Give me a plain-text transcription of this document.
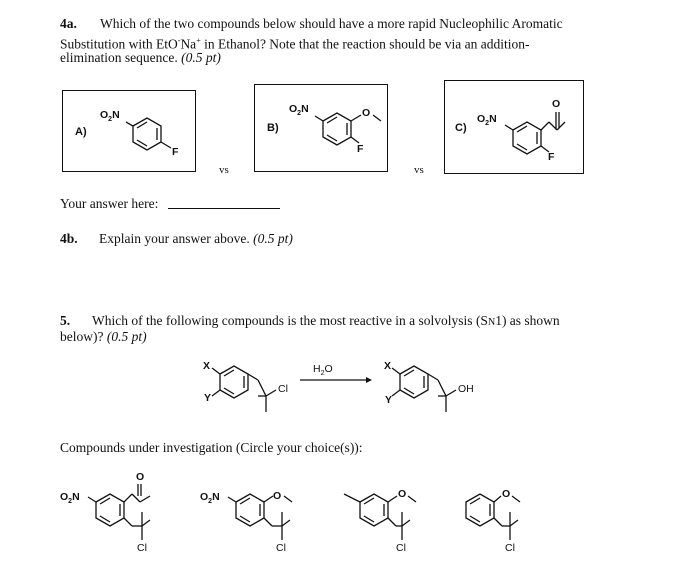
4a. Which of the two compounds below should have a more rapid Nucleophilic Aromatic
Substitution with EtO-Na+ in Ethanol? Note that the reaction should be via an addition-
elimination sequence. (0.5 pt)
A)
$O_2N$
F
vs
B)
$O_2N$	O
F
vs
C)
$O_2N$
O
F
Your answer here:
4b. Explain your answer above. (0.5 pt)
5. Which of the following compounds is the most reactive in a solvolysis (SN1) as shown
below)? (0.5 pt)
X
Y
Cl
$H_2O$	X
Y
OH
Compounds under investigation (Circle your choice(s)):
$O_2N$
O
Cl
$O_2N$	O
Cl
O
Cl
O
Cl
